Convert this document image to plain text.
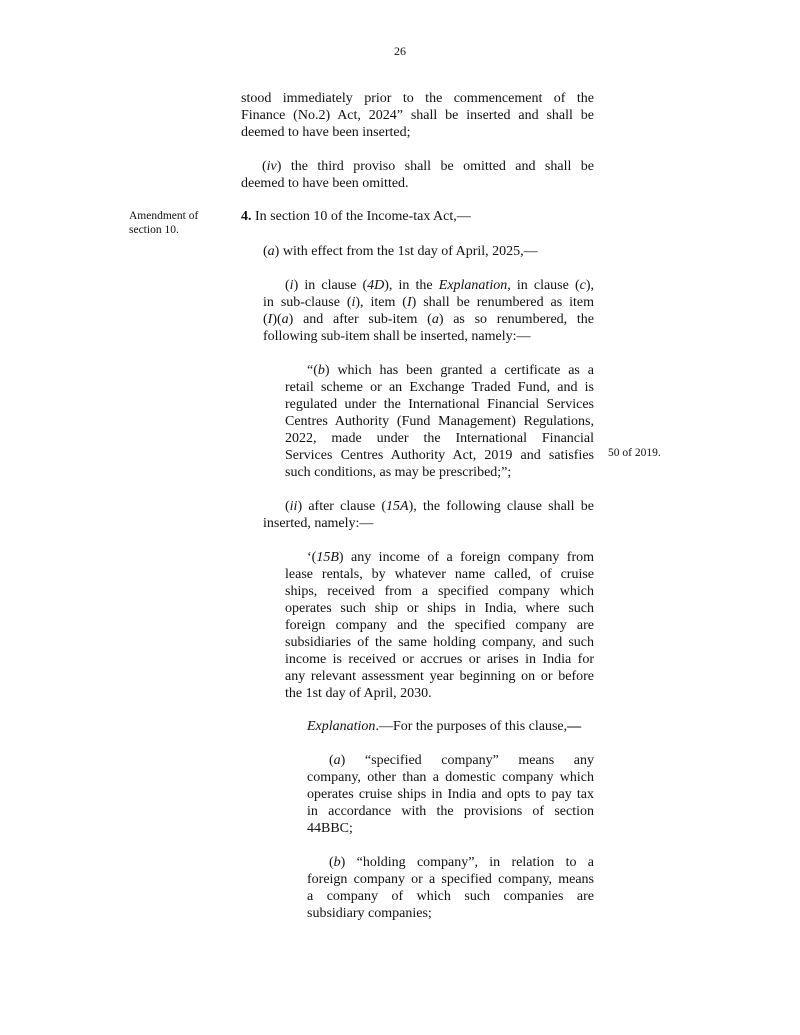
26
stood immediately prior to the commencement of the
Finance (No.2) Act, 2024” shall be inserted and shall be
deemed to have been inserted;
(iv) the third proviso shall be omitted and shall be
deemed to have been omitted.
Amendment of
section 10.
4. In section 10 of the Income-tax Act,—
(a) with effect from the 1st day of April, 2025,—
(i) in clause (4D), in the Explanation, in clause (c),
in sub-clause (i), item (I) shall be renumbered as item
(I)(a) and after sub-item (a) as so renumbered, the
following sub-item shall be inserted, namely:—
“(b) which has been granted a certificate as a
retail scheme or an Exchange Traded Fund, and is
regulated under the International Financial Services
Centres Authority (Fund Management) Regulations,
2022, made under the International Financial
Services Centres Authority Act, 2019 and satisfies
such conditions, as may be prescribed;”;
50 of 2019.
(ii) after clause (15A), the following clause shall be
inserted, namely:—
‘(15B) any income of a foreign company from
lease rentals, by whatever name called, of cruise
ships, received from a specified company which
operates such ship or ships in India, where such
foreign company and the specified company are
subsidiaries of the same holding company, and such
income is received or accrues or arises in India for
any relevant assessment year beginning on or before
the 1st day of April, 2030.
Explanation.—For the purposes of this clause,—
(a) “specified company” means any
company, other than a domestic company which
operates cruise ships in India and opts to pay tax
in accordance with the provisions of section
44BBC;
(b) “holding company”, in relation to a
foreign company or a specified company, means
a company of which such companies are
subsidiary companies;
